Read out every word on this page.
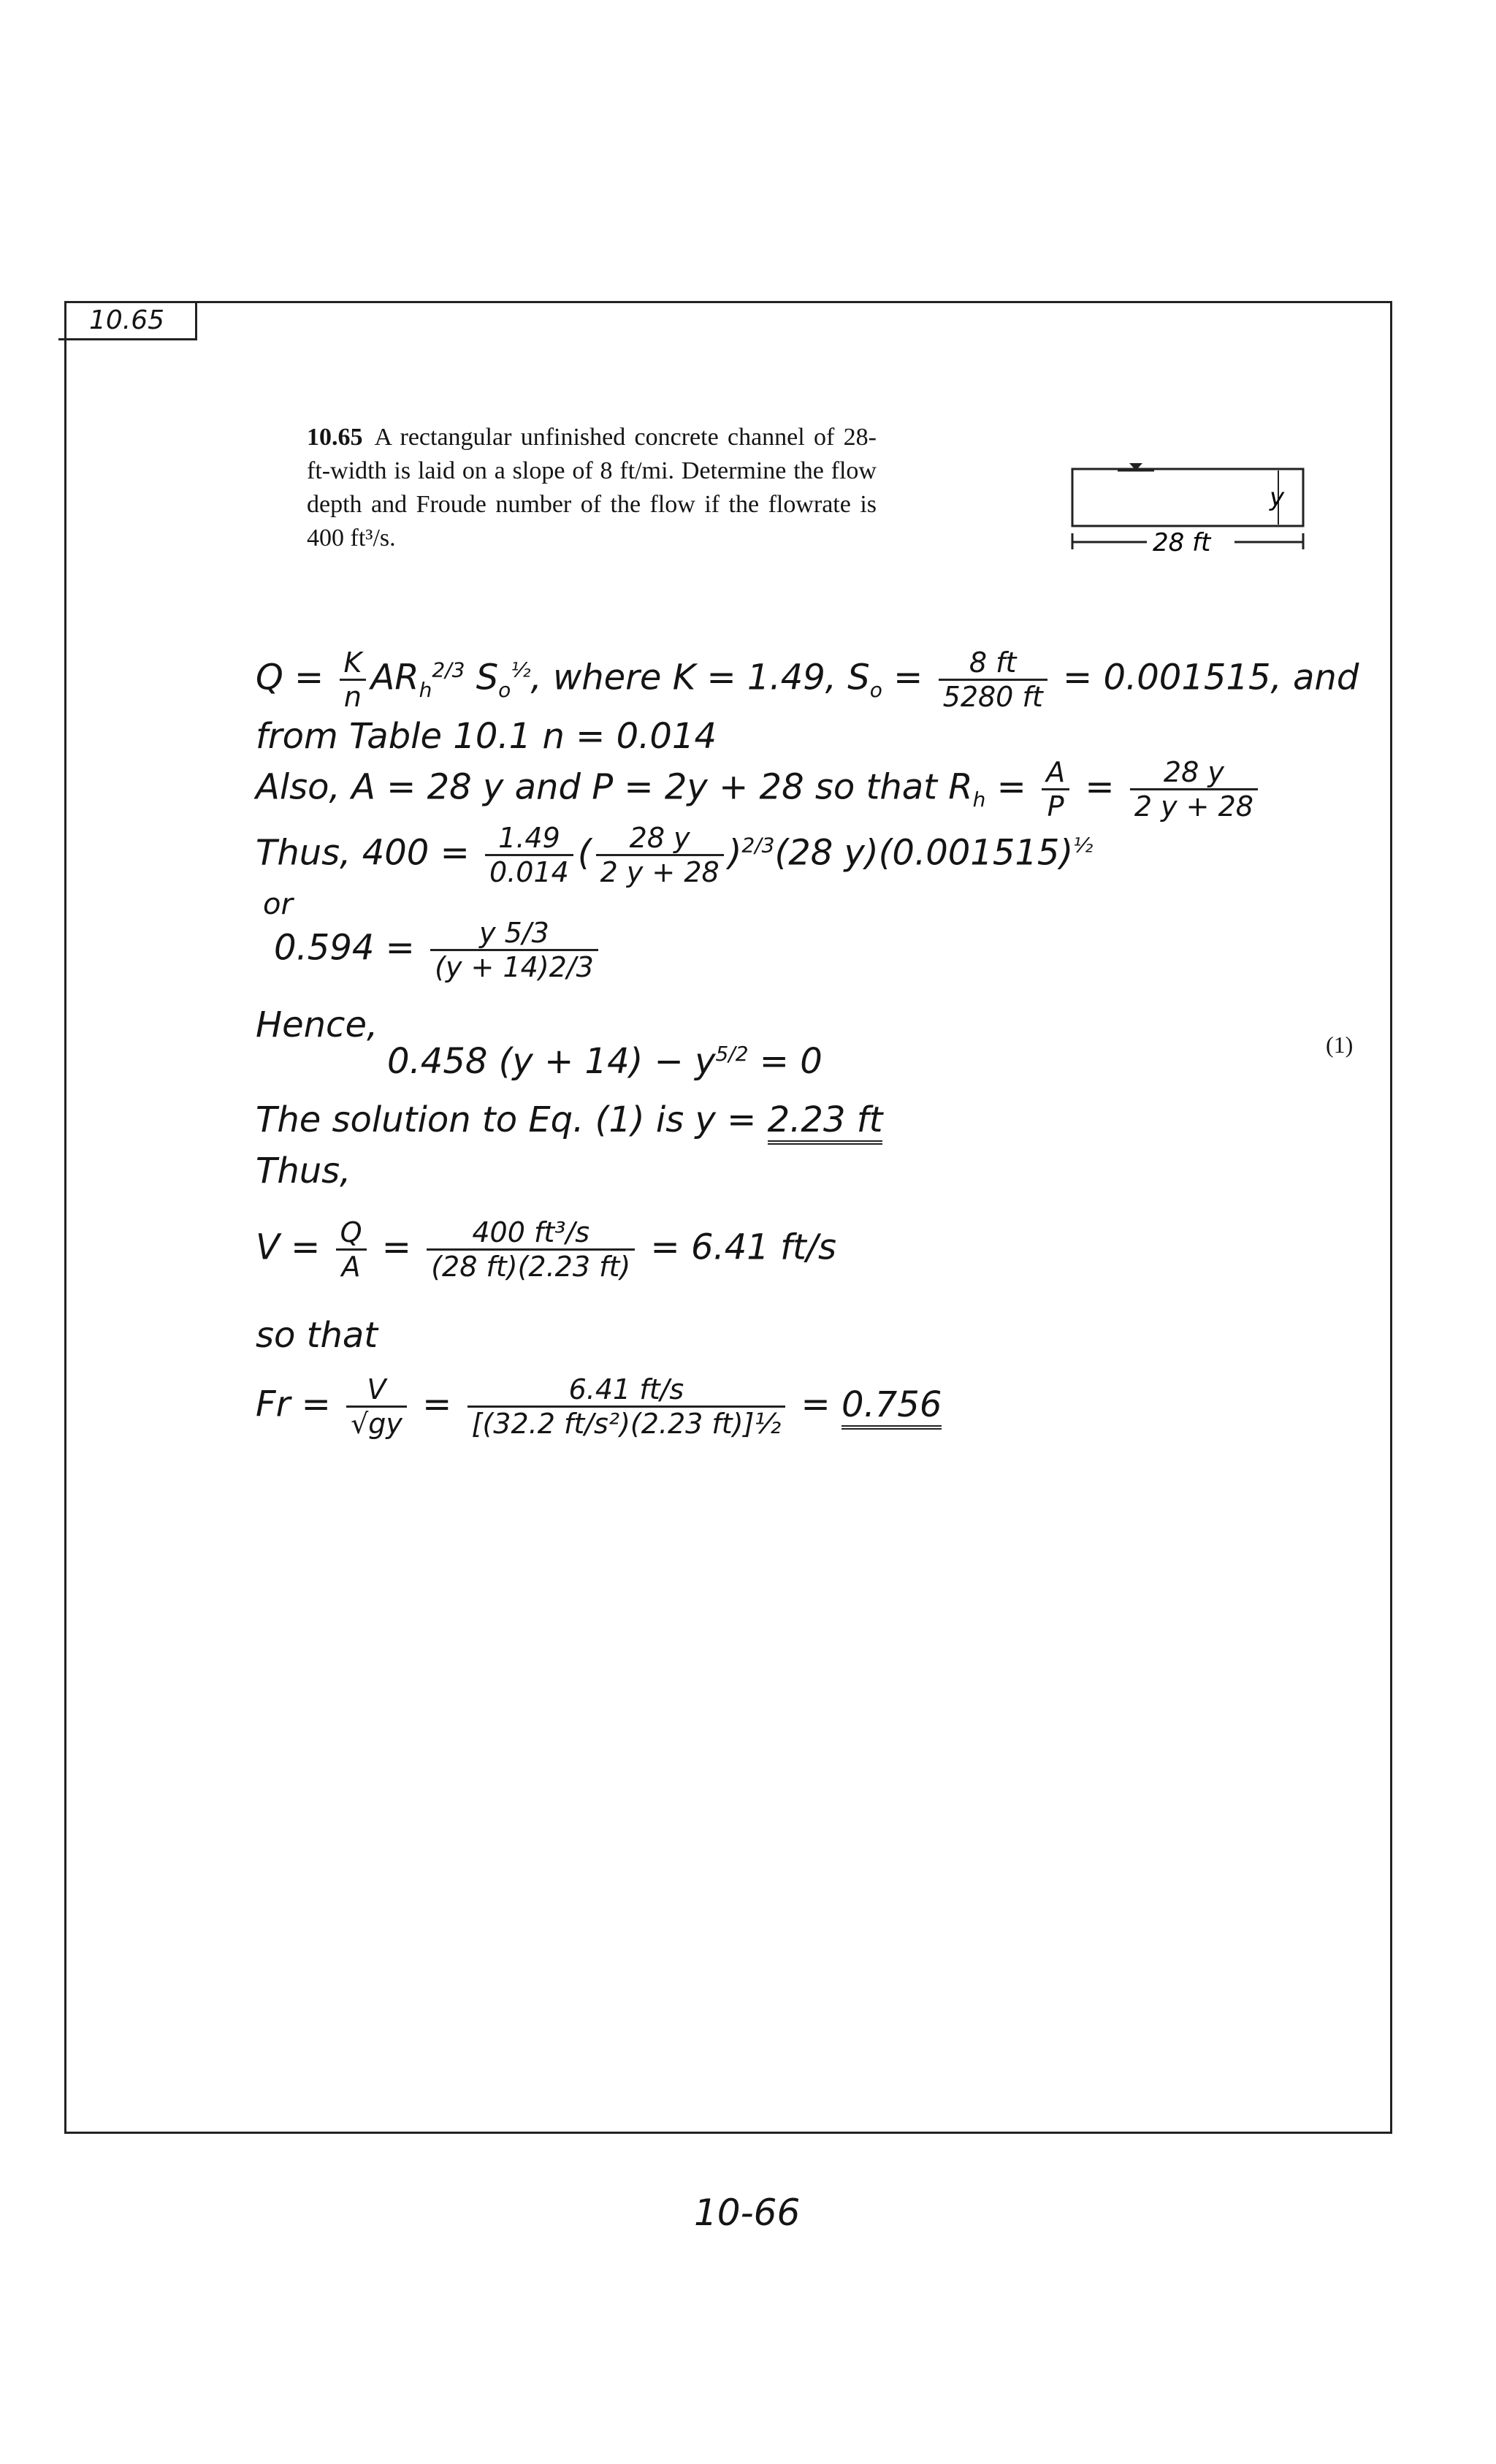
10.65
10.65 A rectangular unfinished concrete channel of 28-ft-width is laid on a slope of 8 ft/mi. Determine the flow depth and Froude number of the flow if the flowrate is 400 ft³/s.
y
28 ft
$Q = \frac{K}{n} AR_h^{2/3}$ $S_o^{\frac{1}{2}}$, where K = 1.49, $S_o = \frac{8 ft}{5280 ft} = 0.001515$, and
from Table 10.1 n = 0.014
Also, A = 28 y and P = 2y + 28 so that $R_h = \frac{A}{P} = \frac{28 y}{2 y + 28}$
Thus, $400 = \frac{1.49}{0.014}$ ( $\frac{28 y}{2 y + 28} )^{2/3}(28$ $y)(0.001515)^{\frac{1}{2}}$
or
$0.594 = \frac{y 5/3}{(y + 14)2/3}$
Hence,
0.458 $(y + 14) - y^{5/2} = 0$	(1)
The solution to Eq. (1) is y = 2.23 ft
Thus,
$V = \frac{Q}{A} = \frac{\text{400 ft³/s}}{(28 ft)(2.23 ft)} = 6.41$ ft/s
so that
$Fr = \frac{V}{√gy} = \frac{6.41 ft/s}{\text{[(32.2 ft/s²)(2.23 ft)]½}} = 0.756$
10-66
